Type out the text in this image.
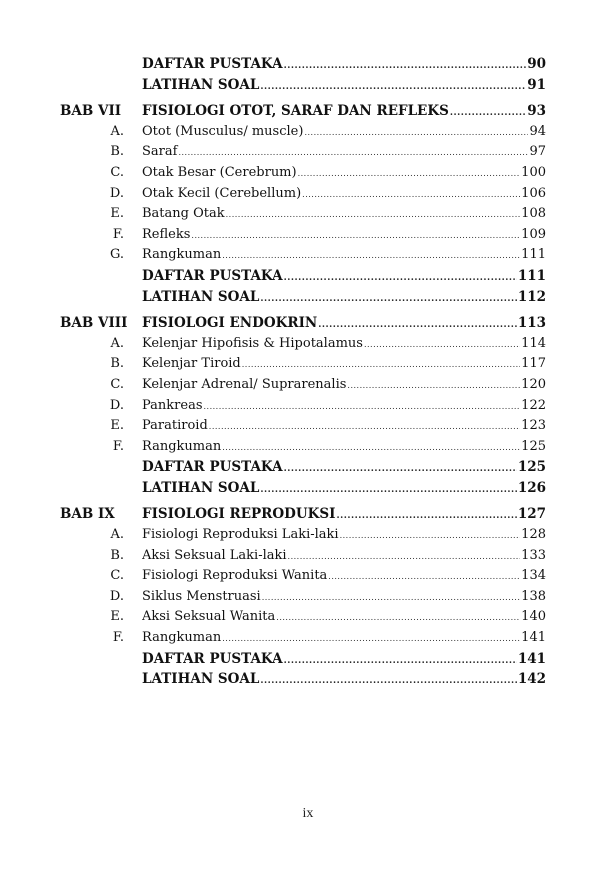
DAFTAR PUSTAKA .....	90
LATIHAN SOAL .....	91
BAB VII FISIOLOGI OTOT, SARAF DAN REFLEKS .....	93
A. Otot (Musculus/ muscle) .....	94
B. Saraf .....	97
C. Otak Besar (Cerebrum) .....	100
D. Otak Kecil (Cerebellum) .....	106
E. Batang Otak .....	108
F. Refleks .....	109
G. Rangkuman .....	111
DAFTAR PUSTAKA .....	111
LATIHAN SOAL .....	112
BAB VIII FISIOLOGI ENDOKRIN .....	113
A. Kelenjar Hipofisis & Hipotalamus .....	114
B. Kelenjar Tiroid .....	117
C. Kelenjar Adrenal/ Suprarenalis .....	120
D. Pankreas .....	122
E. Paratiroid .....	123
F. Rangkuman .....	125
DAFTAR PUSTAKA .....	125
LATIHAN SOAL .....	126
BAB IX FISIOLOGI REPRODUKSI .....	127
A. Fisiologi Reproduksi Laki-laki .....	128
B. Aksi Seksual Laki-laki .....	133
C. Fisiologi Reproduksi Wanita .....	134
D. Siklus Menstruasi .....	138
E. Aksi Seksual Wanita .....	140
F. Rangkuman .....	141
DAFTAR PUSTAKA .....	141
LATIHAN SOAL .....	142
ix
